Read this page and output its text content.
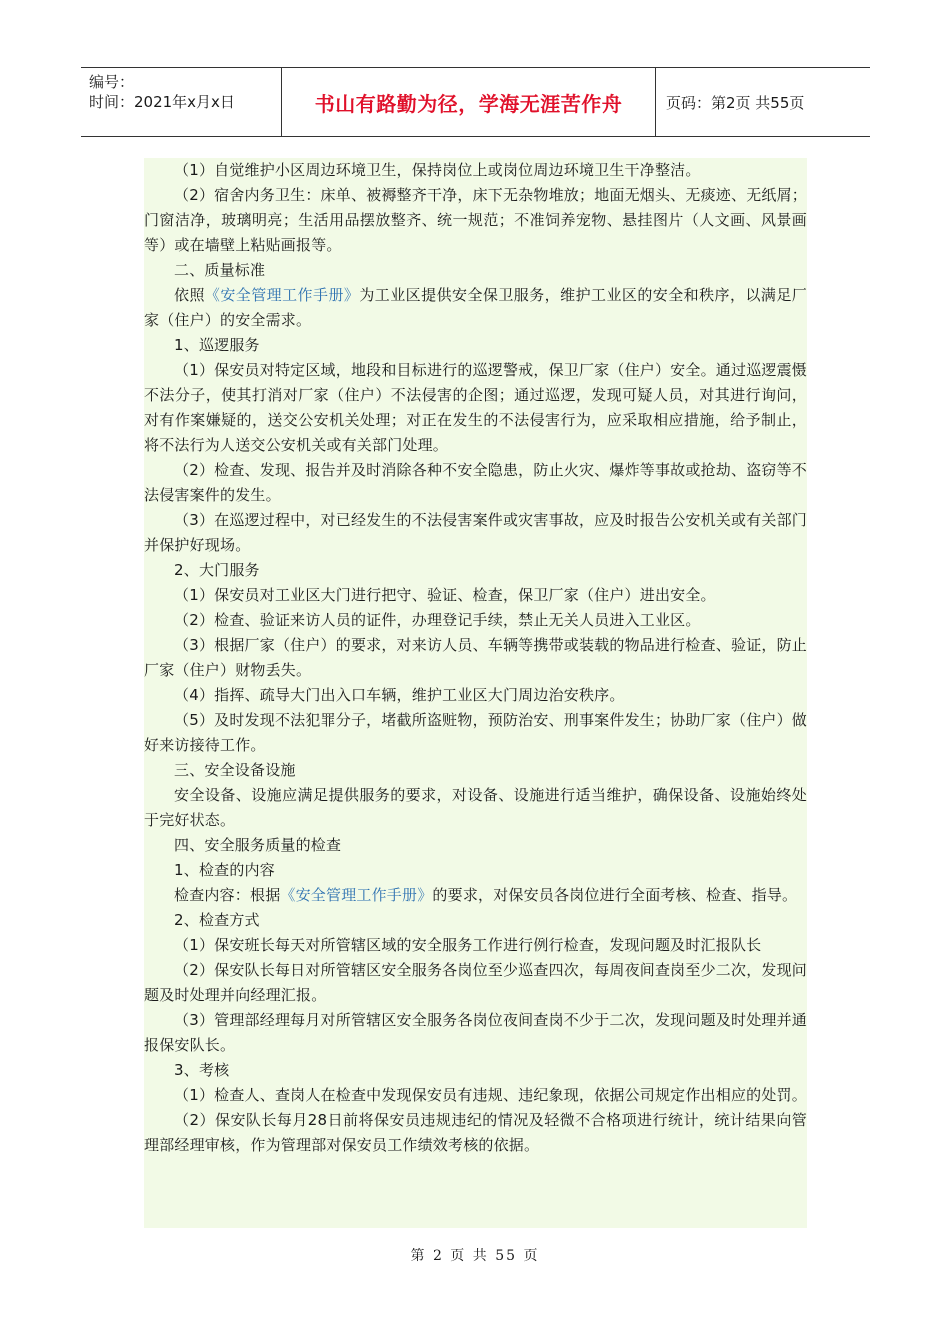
编号：
时间：2021年x月x日	书山有路勤为径，学海无涯苦作舟	页码：第2页 共55页

（1）自觉维护小区周边环境卫生，保持岗位上或岗位周边环境卫生干净整洁。

（2）宿舍内务卫生：床单、被褥整齐干净，床下无杂物堆放；地面无烟头、无痰迹、无纸屑；门窗洁净，玻璃明亮；生活用品摆放整齐、统一规范；不准饲养宠物、悬挂图片（人文画、风景画等）或在墙壁上粘贴画报等。

二、质量标准

依照《安全管理工作手册》为工业区提供安全保卫服务，维护工业区的安全和秩序，以满足厂家（住户）的安全需求。

1、巡逻服务

（1）保安员对特定区域，地段和目标进行的巡逻警戒，保卫厂家（住户）安全。通过巡逻震慑不法分子，使其打消对厂家（住户）不法侵害的企图；通过巡逻，发现可疑人员，对其进行询问，对有作案嫌疑的，送交公安机关处理；对正在发生的不法侵害行为，应采取相应措施，给予制止，将不法行为人送交公安机关或有关部门处理。

（2）检查、发现、报告并及时消除各种不安全隐患，防止火灾、爆炸等事故或抢劫、盗窃等不法侵害案件的发生。

（3）在巡逻过程中，对已经发生的不法侵害案件或灾害事故，应及时报告公安机关或有关部门并保护好现场。

2、大门服务

（1）保安员对工业区大门进行把守、验证、检查，保卫厂家（住户）进出安全。

（2）检查、验证来访人员的证件，办理登记手续，禁止无关人员进入工业区。

（3）根据厂家（住户）的要求，对来访人员、车辆等携带或装载的物品进行检查、验证，防止厂家（住户）财物丢失。

（4）指挥、疏导大门出入口车辆，维护工业区大门周边治安秩序。

（5）及时发现不法犯罪分子，堵截所盗赃物，预防治安、刑事案件发生；协助厂家（住户）做好来访接待工作。

三、安全设备设施

安全设备、设施应满足提供服务的要求，对设备、设施进行适当维护，确保设备、设施始终处于完好状态。

四、安全服务质量的检查

1、检查的内容

检查内容：根据《安全管理工作手册》的要求，对保安员各岗位进行全面考核、检查、指导。

2、检查方式

（1）保安班长每天对所管辖区域的安全服务工作进行例行检查，发现问题及时汇报队长

（2）保安队长每日对所管辖区安全服务各岗位至少巡查四次，每周夜间查岗至少二次，发现问题及时处理并向经理汇报。

（3）管理部经理每月对所管辖区安全服务各岗位夜间查岗不少于二次，发现问题及时处理并通报保安队长。

3、考核

（1）检查人、查岗人在检查中发现保安员有违规、违纪象现，依据公司规定作出相应的处罚。

（2）保安队长每月28日前将保安员违规违纪的情况及轻微不合格项进行统计，统计结果向管理部经理审核，作为管理部对保安员工作绩效考核的依据。

第 2 页 共 55 页
